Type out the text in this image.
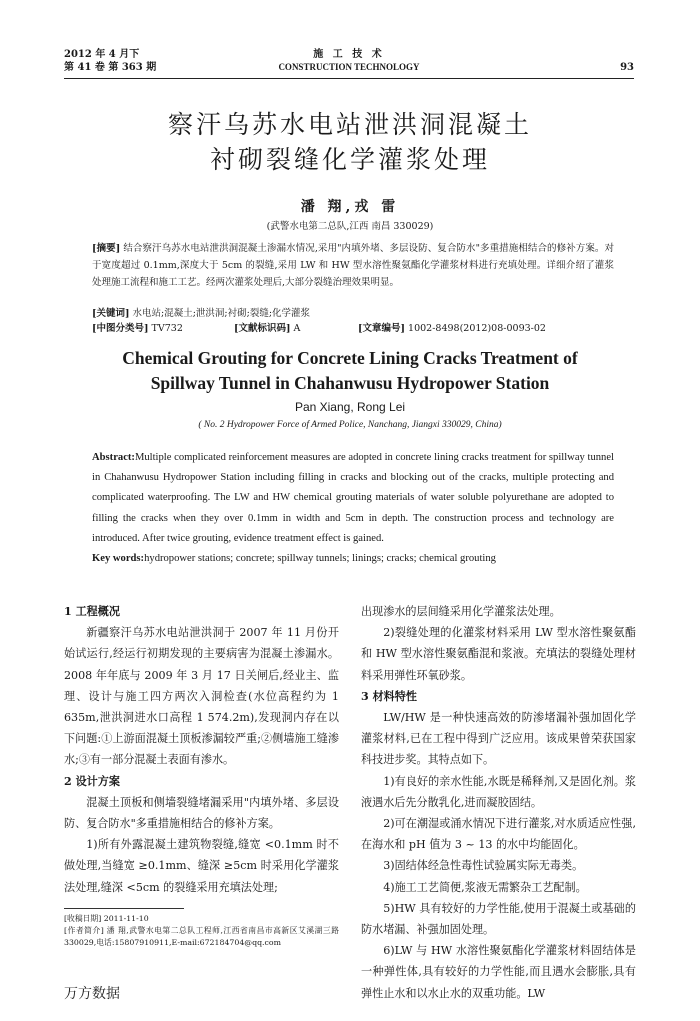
2012 年 4 月下
第 41 卷 第 363 期
施 工 技 术
CONSTRUCTION TECHNOLOGY	93
察汗乌苏水电站泄洪洞混凝土
衬砌裂缝化学灌浆处理
潘 翔,戎 雷
(武警水电第二总队,江西 南昌 330029)
[摘要] 结合察汗乌苏水电站泄洪洞混凝土渗漏水情况,采用"内填外堵、多层设防、复合防水"多重措施相结合的修补方案。对于宽度超过 0.1mm,深度大于 5cm 的裂缝,采用 LW 和 HW 型水溶性聚氨酯化学灌浆材料进行充填处理。详细介绍了灌浆处理施工流程和施工工艺。经两次灌浆处理后,大部分裂缝治理效果明显。
[关键词] 水电站;混凝土;泄洪洞;衬砌;裂缝;化学灌浆
[中图分类号] TV732	[文献标识码] A	[文章编号] 1002-8498(2012)08-0093-02
Chemical Grouting for Concrete Lining Cracks Treatment of
Spillway Tunnel in Chahanwusu Hydropower Station
Pan Xiang, Rong Lei
( No. 2 Hydropower Force of Armed Police, Nanchang, Jiangxi 330029, China)

Abstract:Multiple complicated reinforcement measures are adopted in concrete lining cracks treatment for spillway tunnel in Chahanwusu Hydropower Station including filling in cracks and blocking out of the cracks, multiple protecting and complicated waterproofing. The LW and HW chemical grouting materials of water soluble polyurethane are adopted to filling the cracks when they over 0.1mm in width and 5cm in depth. The construction process and technology are introduced. After twice grouting, evidence treatment effect is gained.

Key words:hydropower stations; concrete; spillway tunnels; linings; cracks; chemical grouting

1 工程概况

新疆察汗乌苏水电站泄洪洞于 2007 年 11 月份开始试运行,经运行初期发现的主要病害为混凝土渗漏水。2008 年年底与 2009 年 3 月 17 日关闸后,经业主、监理、设计与施工四方两次入洞检查(水位高程约为 1 635m,泄洪洞进水口高程 1 574.2m),发现洞内存在以下问题:①上游面混凝土顶板渗漏较严重;②侧墙施工缝渗水;③有一部分混凝土表面有渗水。

2 设计方案

混凝土顶板和侧墙裂缝堵漏采用"内填外堵、多层设防、复合防水"多重措施相结合的修补方案。

1)所有外露混凝土建筑物裂缝,缝宽 <0.1mm 时不做处理,当缝宽 ≥0.1mm、缝深 ≥5cm 时采用化学灌浆法处理,缝深 <5cm 的裂缝采用充填法处理;

[收稿日期] 2011-11-10

[作者简介] 潘 翔,武警水电第二总队工程师,江西省南昌市高新区艾溪湖三路 330029,电话:15807910911,E-mail:672184704@qq.com

出现渗水的层间缝采用化学灌浆法处理。

2)裂缝处理的化灌浆材料采用 LW 型水溶性聚氨酯和 HW 型水溶性聚氨酯混和浆液。充填法的裂缝处理材料采用弹性环氧砂浆。

3 材料特性

LW/HW 是一种快速高效的防渗堵漏补强加固化学灌浆材料,已在工程中得到广泛应用。该成果曾荣获国家科技进步奖。其特点如下。

1)有良好的亲水性能,水既是稀释剂,又是固化剂。浆液遇水后先分散乳化,进而凝胶固结。

2)可在潮湿或涌水情况下进行灌浆,对水质适应性强,在海水和 pH 值为 3 ~ 13 的水中均能固化。

3)固结体经急性毒性试验属实际无毒类。

4)施工工艺简便,浆液无需繁杂工艺配制。

5)HW 具有较好的力学性能,使用于混凝土或基础的防水堵漏、补强加固处理。

6)LW 与 HW 水溶性聚氨酯化学灌浆材料固结体是一种弹性体,具有较好的力学性能,而且遇水会膨胀,具有弹性止水和以水止水的双重功能。LW

万方数据
